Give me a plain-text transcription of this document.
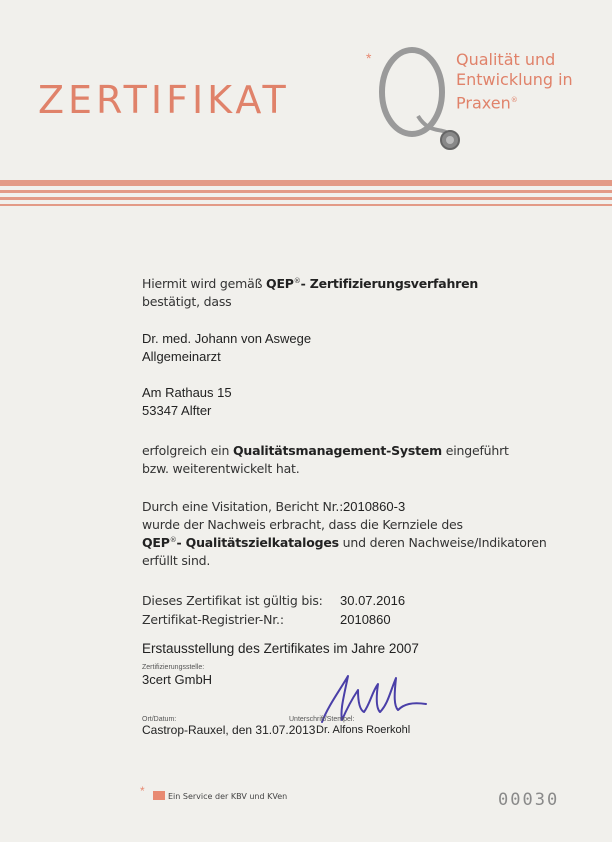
ZERTIFIKAT
*	Qualität und
Entwicklung in
Praxen®
Hiermit wird gemäß QEP®- Zertifizierungsverfahren
bestätigt, dass
Dr. med. Johann von Aswege
Allgemeinarzt
Am Rathaus 15
53347 Alfter
erfolgreich ein Qualitätsmanagement-System eingeführt
bzw. weiterentwickelt hat.
Durch eine Visitation, Bericht Nr.: 2010860-3
wurde der Nachweis erbracht, dass die Kernziele des
QEP®- Qualitätszielkataloges und deren Nachweise/Indikatoren
erfüllt sind.
Dieses Zertifikat ist gültig bis: 30.07.2016
Zertifikat-Registrier-Nr.:	2010860
Erstausstellung des Zertifikates im Jahre 2007
Zertifizierungsstelle:
3cert GmbH
Ort/Datum:
Castrop-Rauxel, den 31.07.2013
Unterschrift/Stempel:
Dr. Alfons Roerkohl
*	Ein Service der KBV und KVen	00030
